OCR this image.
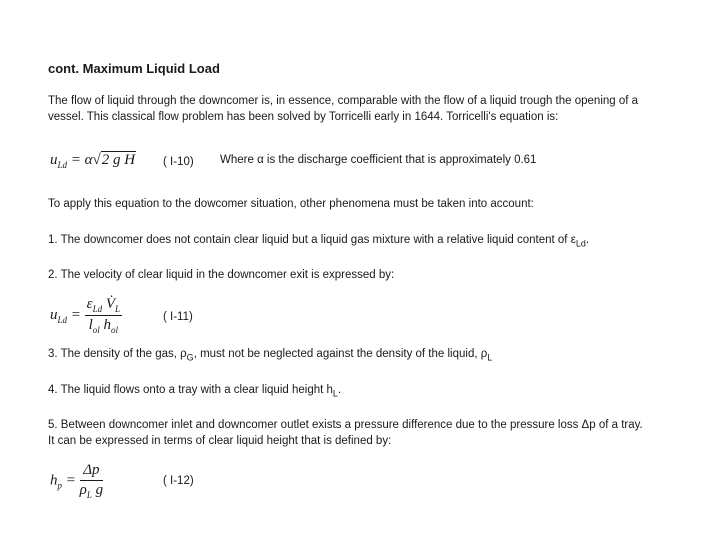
cont. Maximum Liquid Load
The flow of liquid through the downcomer is, in essence, comparable with the flow of a liquid trough the opening of a vessel. This classical flow problem has been solved by Torricelli early in 1644. Torricelli's equation is:
$u_{Ld} = \alpha√2$ g H ( I-10) Where α is the discharge coefficient that is approximately 0.61
To apply this equation to the dowcomer situation, other phenomena must be taken into account:
1. The downcomer does not contain clear liquid but a liquid gas mixture with a relative liquid content of $\varepsilon_{Ld}$.
2. The velocity of clear liquid in the downcomer exit is expressed by:
$u_{Ld} = \frac{\varepsilon_{Ld} V̇_L}{l_{ol} h_{ol}}$	( I-11)
3. The density of the gas, $\rho_G$, must not be neglected against the density of the liquid, $\rho_L$
4. The liquid flows onto a tray with a clear liquid height $h_L$.
5. Between downcomer inlet and downcomer outlet exists a pressure difference due to the pressure loss Δp of a tray. It can be expressed in terms of clear liquid height that is defined by:
$h_p = \frac{\Delta p}{\rho_L g}$	( I-12)
